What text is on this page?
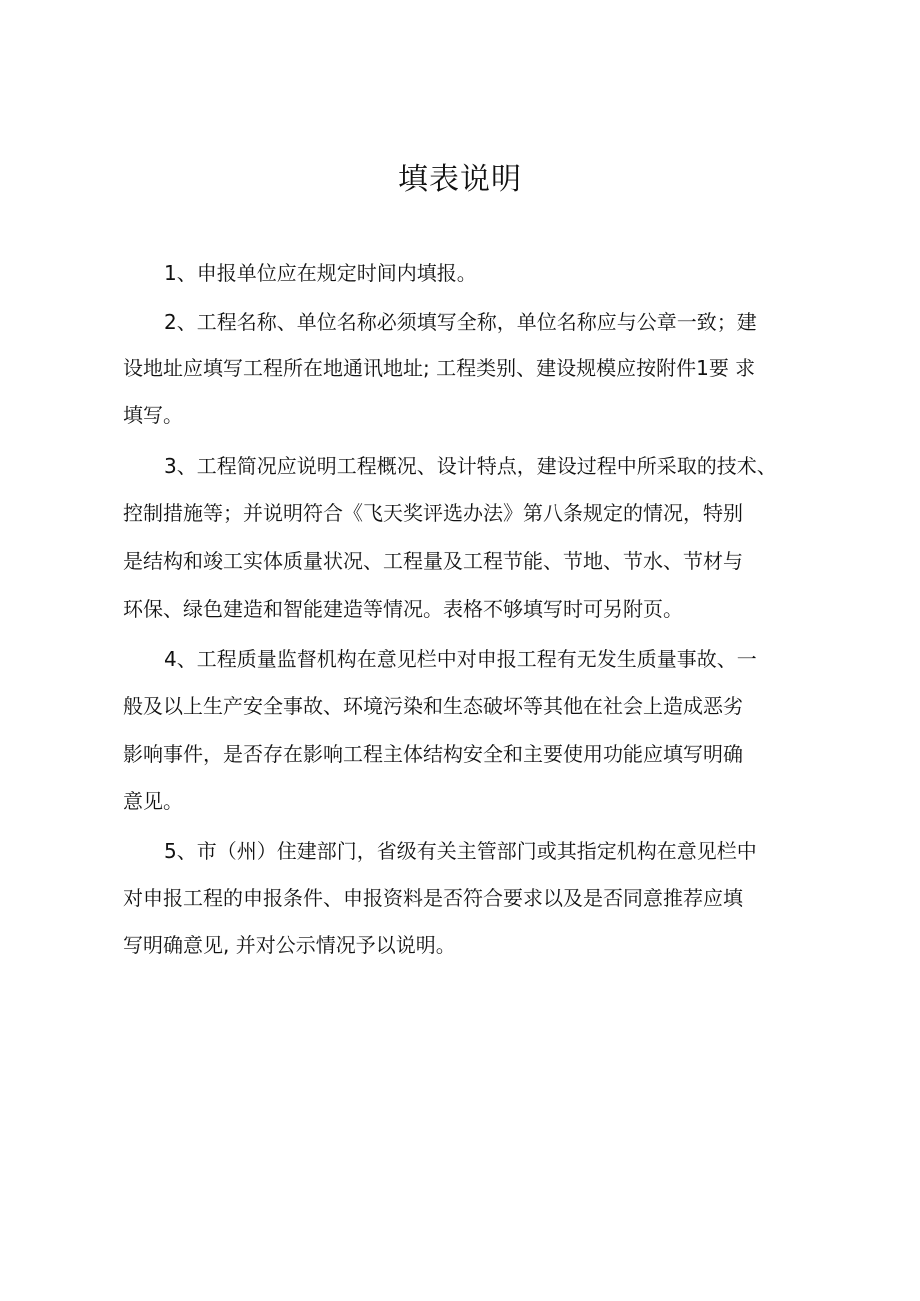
填表说明

1、申报单位应在规定时间内填报。

2、工程名称、单位名称必须填写全称，单位名称应与公章一致；建

设地址应填写工程所在地通讯地址; 工程类别、建设规模应按附件1要 求

填写。

3、工程简况应说明工程概况、设计特点，建设过程中所采取的技术、

控制措施等；并说明符合《飞天奖评选办法》第八条规定的情况，特别

是结构和竣工实体质量状况、工程量及工程节能、节地、节水、节材与

环保、绿色建造和智能建造等情况。表格不够填写时可另附页。

4、工程质量监督机构在意见栏中对申报工程有无发生质量事故、一

般及以上生产安全事故、环境污染和生态破坏等其他在社会上造成恶劣

影响事件，是否存在影响工程主体结构安全和主要使用功能应填写明确

意见。

5、市（州）住建部门，省级有关主管部门或其指定机构在意见栏中

对申报工程的申报条件、申报资料是否符合要求以及是否同意推荐应填

写明确意见, 并对公示情况予以说明。
